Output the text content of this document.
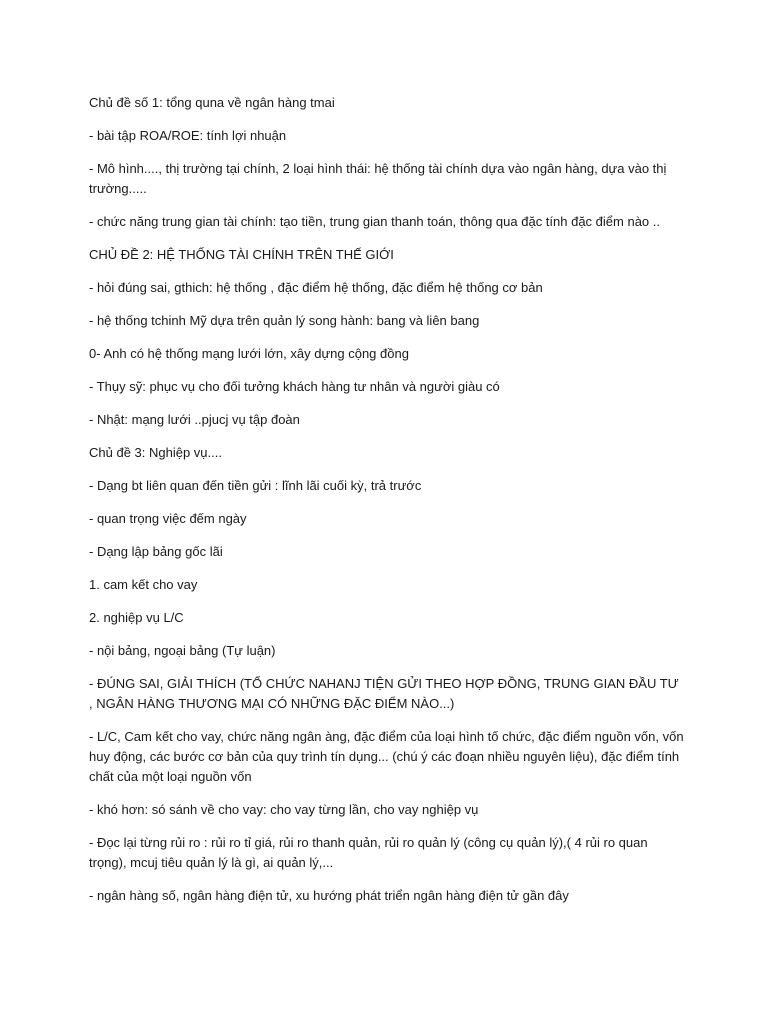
Chủ đề số 1: tổng quna về ngân hàng tmai

- bài tập ROA/ROE: tính lợi nhuận

- Mô hình...., thị trường tại chính, 2 loại hình thái: hệ thống tài chính dựa vào ngân hàng, dựa vào thị trường.....

- chức năng trung gian tài chính: tạo tiền, trung gian thanh toán, thông qua đặc tính đặc điểm nào ..

CHỦ ĐỀ 2: HỆ THỐNG TÀI CHÍNH TRÊN THẾ GIỚI

- hỏi đúng sai, gthich: hệ thống , đặc điểm hệ thống, đặc điểm hệ thống cơ bản

- hệ thống tchinh Mỹ dựa trên quản lý song hành: bang và liên bang

0- Anh có hệ thống mạng lưới lớn, xây dựng cộng đồng

- Thụy sỹ: phục vụ cho đối tưởng khách hàng tư nhân và người giàu có

- Nhật: mạng lưới ..pjucj vụ tập đoàn

Chủ đề 3: Nghiệp vụ....

- Dạng bt liên quan đến tiền gửi : lĩnh lãi cuối kỳ, trả trước

- quan trọng việc đếm ngày

- Dạng lập bảng gốc lãi

1. cam kết cho vay

2. nghiệp vụ L/C

- nội bảng, ngoại bảng (Tự luận)

- ĐÚNG SAI, GIẢI THÍCH (TỔ CHỨC NAHANJ TIỆN GỬI THEO HỢP ĐỒNG, TRUNG GIAN ĐẦU TƯ , NGÂN HÀNG THƯƠNG MẠI CÓ NHỮNG ĐẶC ĐIỂM NÀO...)

- L/C, Cam kết cho vay, chức năng ngân àng, đặc điểm của loại hình tố chức, đặc điểm nguồn vốn, vốn huy động, các bước cơ bản của quy trình tín dụng... (chú ý các đoạn nhiều nguyên liệu), đặc điểm tính chất của một loại nguồn vốn

- khó hơn: só sánh về cho vay: cho vay từng lần, cho vay nghiệp vụ

- Đọc lại từng rủi ro : rủi ro tỉ giá, rủi ro thanh quản, rủi ro quản lý (công cụ quản lý),( 4 rủi ro quan trọng), mcuj tiêu quản lý là gì, ai quản lý,...

- ngân hàng số, ngân hàng điện tử, xu hướng phát triển ngân hàng điện tử gần đây
